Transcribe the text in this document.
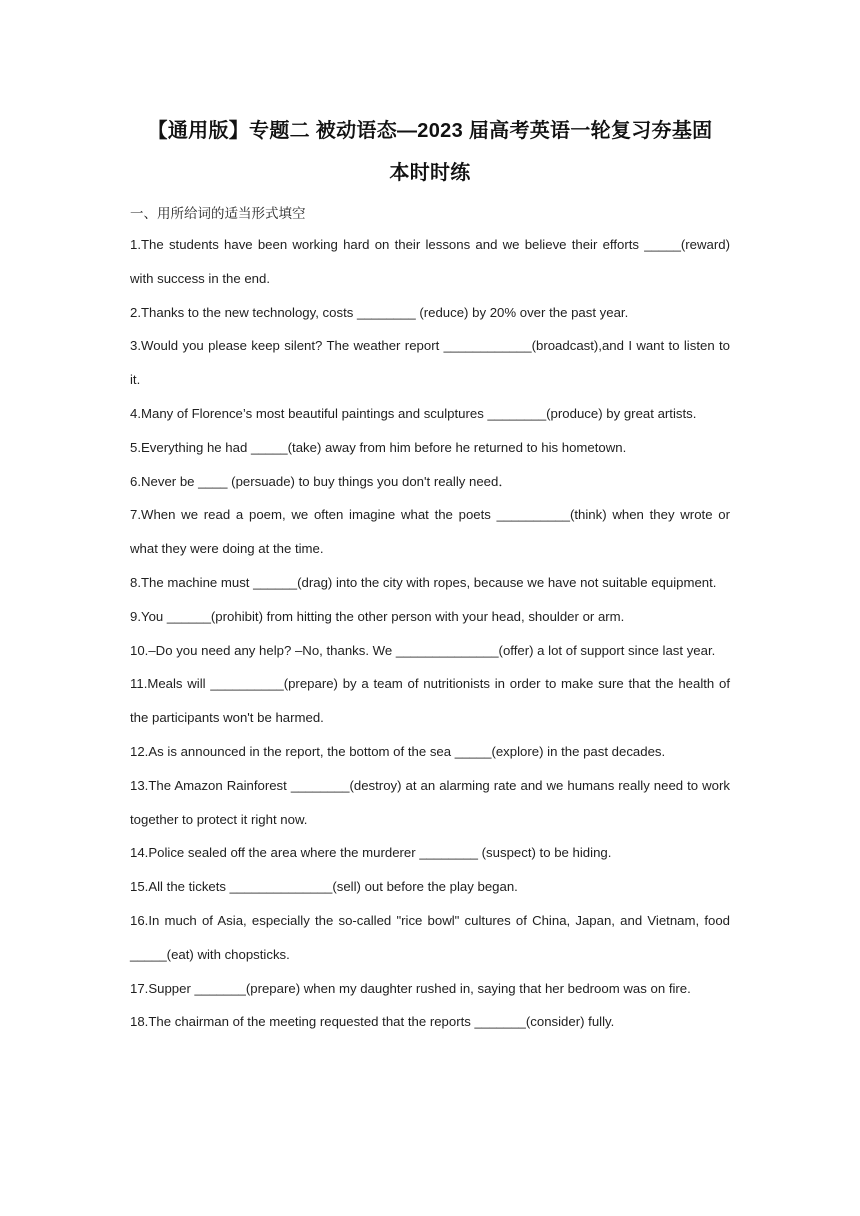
【通用版】专题二 被动语态—2023 届高考英语一轮复习夯基固
本时时练
一、用所给词的适当形式填空
1.The students have been working hard on their lessons and we believe their efforts _____(reward) with success in the end.
2.Thanks to the new technology, costs ________ (reduce) by 20% over the past year.
3.Would you please keep silent? The weather report ____________(broadcast),and I want to listen to it.
4.Many of Florence’s most beautiful paintings and sculptures ________(produce) by great artists.
5.Everything he had _____(take) away from him before he returned to his hometown.
6.Never be ____ (persuade) to buy things you don't really need．
7.When we read a poem, we often imagine what the poets __________(think) when they wrote or what they were doing at the time.
8.The machine must ______(drag) into the city with ropes, because we have not suitable equipment.
9.You ______(prohibit) from hitting the other person with your head, shoulder or arm.
10.–Do you need any help? –No, thanks. We ______________(offer) a lot of support since last year.
11.Meals will __________(prepare) by a team of nutritionists in order to make sure that the health of the participants won't be harmed.
12.As is announced in the report, the bottom of the sea _____(explore) in the past decades.
13.The Amazon Rainforest ________(destroy) at an alarming rate and we humans really need to work together to protect it right now.
14.Police sealed off the area where the murderer ________ (suspect) to be hiding.
15.All the tickets ______________(sell) out before the play began.
16.In much of Asia, especially the so-called "rice bowl" cultures of China, Japan, and Vietnam, food _____(eat) with chopsticks.
17.Supper _______(prepare) when my daughter rushed in, saying that her bedroom was on fire.
18.The chairman of the meeting requested that the reports _______(consider) fully.
